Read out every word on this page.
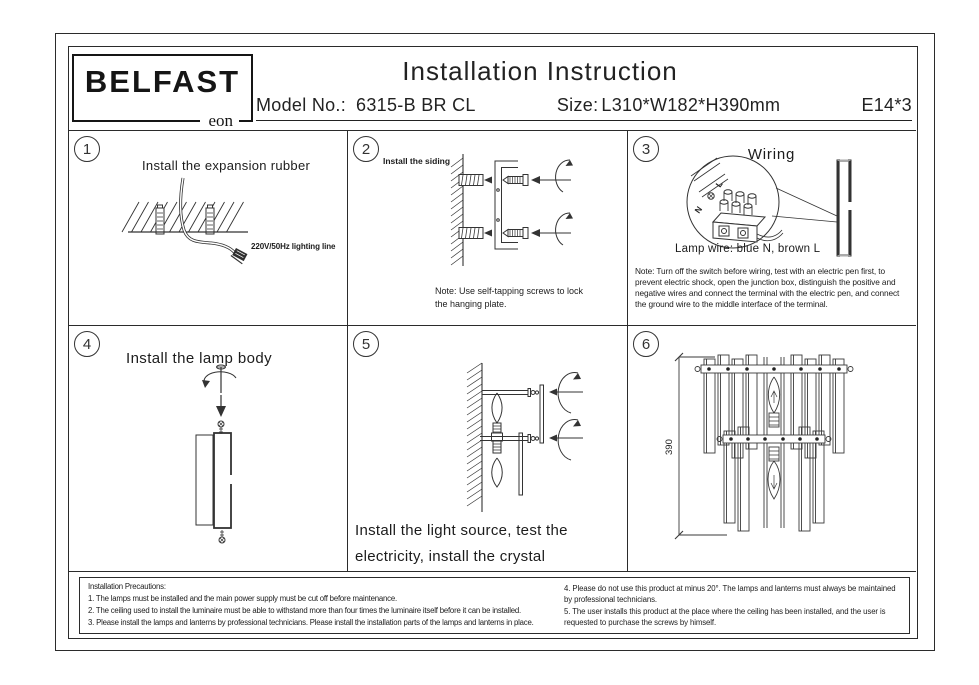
BELFAST
eon
Installation Instruction
Model No.: 6315-B BR CL	Size: L310*W182*H390mm	E14*3
1
Install the expansion rubber
220V/50Hz lighting line
2
Install the siding
Note: Use self-tapping screws to lock the hanging plate.
N
L
3	Wiring
Lamp wire: blue N, brown L
Note: Turn off the switch before wiring, test with an electric pen first, to prevent electric shock, open the junction box, distinguish the positive and negative wires and connect the terminal with the electric pen, and connect the ground wire to the middle interface of the terminal.
4
Install the lamp body
5
Install the light source, test the electricity, install the crystal
390
6
Installation Precautions:
1. The lamps must be installed and the main power supply must be cut off before maintenance.
2. The ceiling used to install the luminaire must be able to withstand more than four times the luminaire itself before it can be installed.
3. Please install the lamps and lanterns by professional technicians. Please install the installation parts of the lamps and lanterns in place.

4. Please do not use this product at minus 20°. The lamps and lanterns must always be maintained by professional technicians.

5. The user installs this product at the place where the ceiling has been installed, and the user is requested to purchase the screws by himself.
